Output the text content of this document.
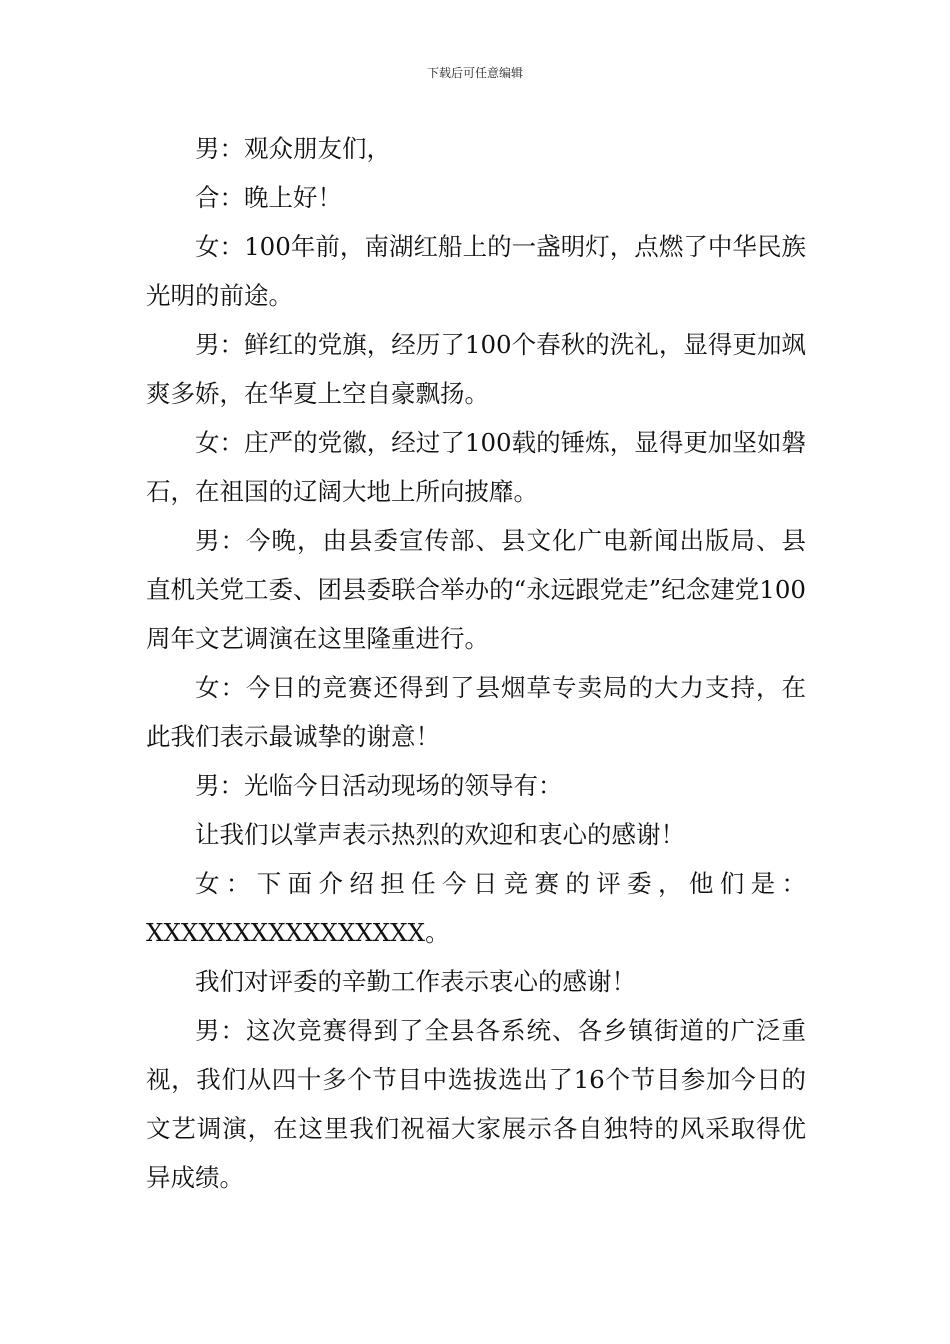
下载后可任意编辑

男：观众朋友们，

合：晚上好！

女：100年前，南湖红船上的一盏明灯，点燃了中华民族光明的前途。

男：鲜红的党旗，经历了100个春秋的洗礼，显得更加飒爽多娇，在华夏上空自豪飘扬。

女：庄严的党徽，经过了100载的锤炼，显得更加坚如磐石，在祖国的辽阔大地上所向披靡。

男：今晚，由县委宣传部、县文化广电新闻出版局、县直机关党工委、团县委联合举办的“永远跟党走”纪念建党100周年文艺调演在这里隆重进行。

女：今日的竞赛还得到了县烟草专卖局的大力支持，在此我们表示最诚挚的谢意！

男：光临今日活动现场的领导有：

让我们以掌声表示热烈的欢迎和衷心的感谢！

女：下面介绍担任今日竞赛的评委，他们是：

XXXXXXXXXXXXXXXX。

我们对评委的辛勤工作表示衷心的感谢！

男：这次竞赛得到了全县各系统、各乡镇街道的广泛重视，我们从四十多个节目中选拔选出了16个节目参加今日的文艺调演，在这里我们祝福大家展示各自独特的风采取得优异成绩。
